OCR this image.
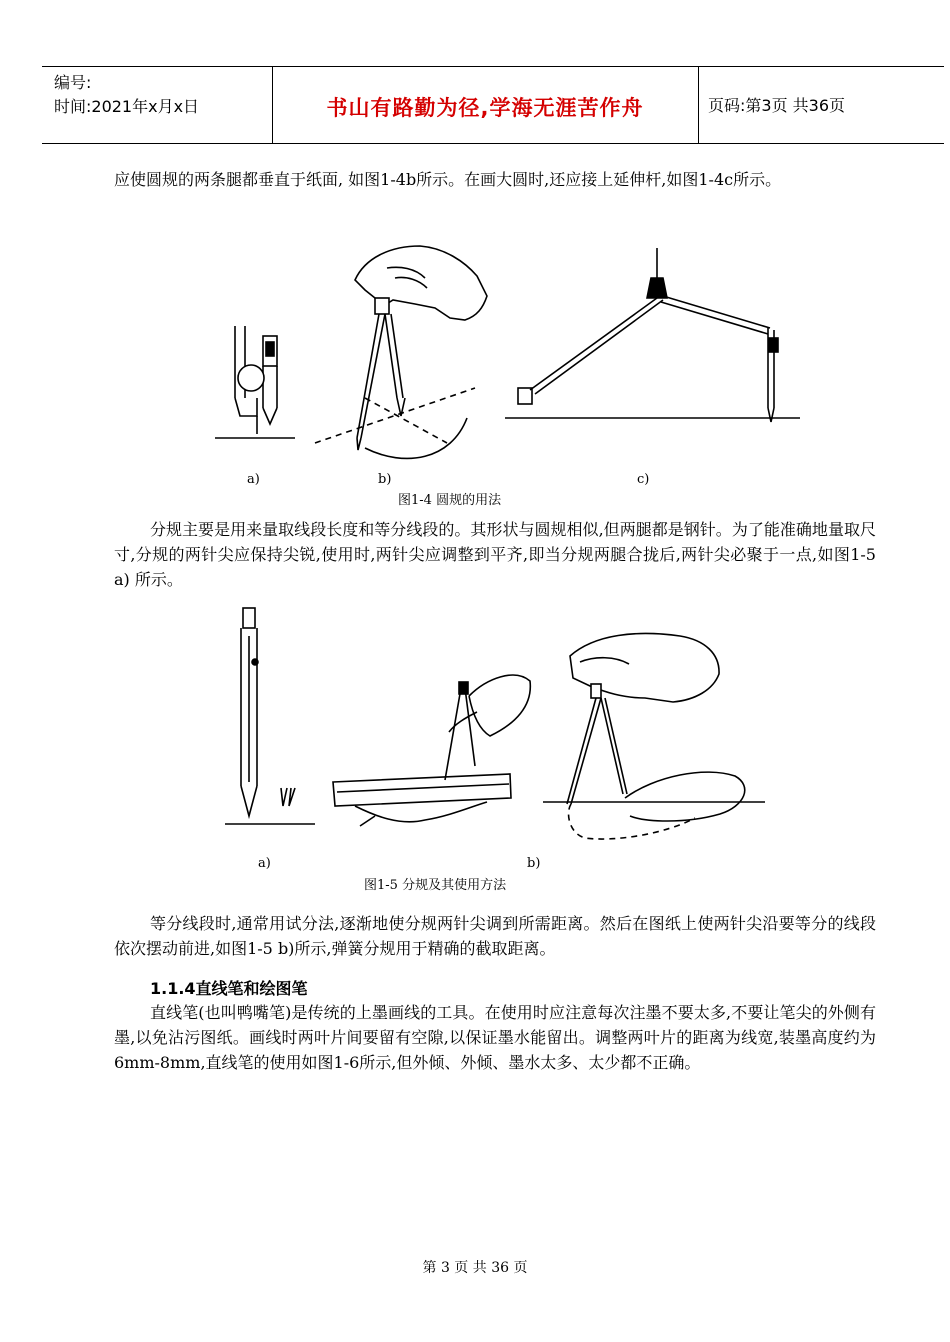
编号:
时间:2021年x月x日	页码:第3页 共36页
书山有路勤为径,学海无涯苦作舟

应使圆规的两条腿都垂直于纸面, 如图1-4b所示。在画大圆时,还应接上延伸杆,如图1-4c所示。

a)	b)	c)
图1-4 圆规的用法

分规主要是用来量取线段长度和等分线段的。其形状与圆规相似,但两腿都是钢针。为了能准确地量取尺寸,分规的两针尖应保持尖锐,使用时,两针尖应调整到平齐,即当分规两腿合拢后,两针尖必聚于一点,如图1-5 a) 所示。

a)	b)
图1-5 分规及其使用方法

等分线段时,通常用试分法,逐渐地使分规两针尖调到所需距离。然后在图纸上使两针尖沿要等分的线段依次摆动前进,如图1-5 b)所示,弹簧分规用于精确的截取距离。

1.1.4直线笔和绘图笔

直线笔(也叫鸭嘴笔)是传统的上墨画线的工具。在使用时应注意每次注墨不要太多,不要让笔尖的外侧有墨,以免沾污图纸。画线时两叶片间要留有空隙,以保证墨水能留出。调整两叶片的距离为线宽,装墨高度约为6mm-8mm,直线笔的使用如图1-6所示,但外倾、外倾、墨水太多、太少都不正确。

第 3 页 共 36 页
